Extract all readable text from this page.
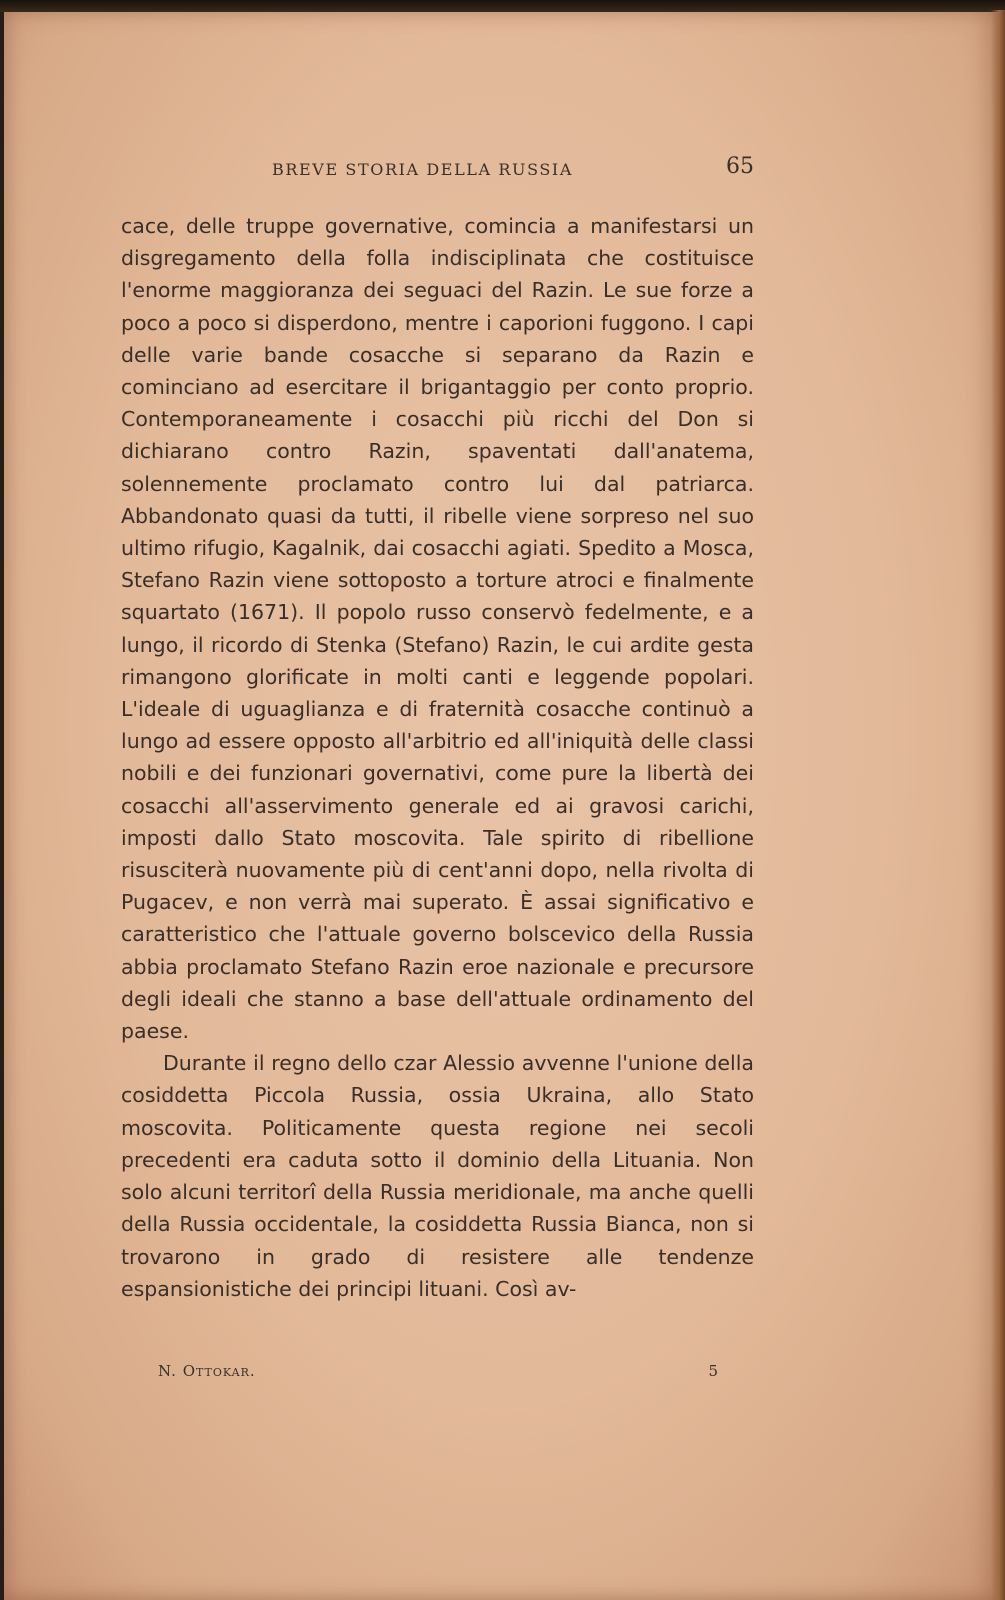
BREVE STORIA DELLA RUSSIA	65

cace, delle truppe governative, comincia a manifestarsi un disgregamento della folla indisciplinata che costituisce l'enorme maggioranza dei seguaci del Razin. Le sue forze a poco a poco si disperdono, mentre i caporioni fuggono. I capi delle varie bande cosacche si separano da Razin e cominciano ad esercitare il brigantaggio per conto proprio. Contemporaneamente i cosacchi più ricchi del Don si dichiarano contro Razin, spaventati dall'anatema, solennemente proclamato contro lui dal patriarca. Abbandonato quasi da tutti, il ribelle viene sorpreso nel suo ultimo rifugio, Kagalnik, dai cosacchi agiati. Spedito a Mosca, Stefano Razin viene sottoposto a torture atroci e finalmente squartato (1671). Il popolo russo conservò fedelmente, e a lungo, il ricordo di Stenka (Stefano) Razin, le cui ardite gesta rimangono glorificate in molti canti e leggende popolari. L'ideale di uguaglianza e di fraternità cosacche continuò a lungo ad essere opposto all'arbitrio ed all'iniquità delle classi nobili e dei funzionari governativi, come pure la libertà dei cosacchi all'asservimento generale ed ai gravosi carichi, imposti dallo Stato moscovita. Tale spirito di ribellione risusciterà nuovamente più di cent'anni dopo, nella rivolta di Pugacev, e non verrà mai superato. È assai significativo e caratteristico che l'attuale governo bolscevico della Russia abbia proclamato Stefano Razin eroe nazionale e precursore degli ideali che stanno a base dell'attuale ordinamento del paese.

Durante il regno dello czar Alessio avvenne l'unione della cosiddetta Piccola Russia, ossia Ukraina, allo Stato moscovita. Politicamente questa regione nei secoli precedenti era caduta sotto il dominio della Lituania. Non solo alcuni territorî della Russia meridionale, ma anche quelli della Russia occidentale, la cosiddetta Russia Bianca, non si trovarono in grado di resistere alle tendenze espansionistiche dei principi lituani. Così av-

N. Ottokar.	5
